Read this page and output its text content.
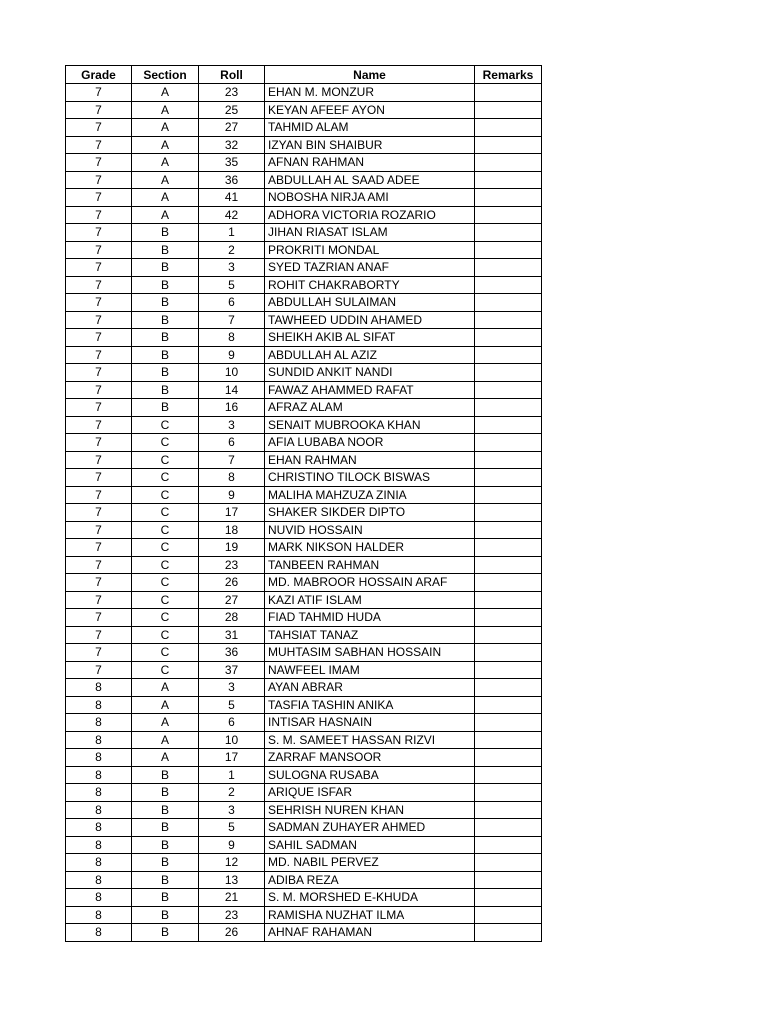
Grade	Section	Roll	Name	Remarks
7	A	23	EHAN M. MONZUR	
7	A	25	KEYAN AFEEF AYON	
7	A	27	TAHMID ALAM	
7	A	32	IZYAN BIN SHAIBUR	
7	A	35	AFNAN RAHMAN	
7	A	36	ABDULLAH AL SAAD ADEE	
7	A	41	NOBOSHA NIRJA AMI	
7	A	42	ADHORA VICTORIA ROZARIO	
7	B	1	JIHAN RIASAT ISLAM	
7	B	2	PROKRITI MONDAL	
7	B	3	SYED TAZRIAN ANAF	
7	B	5	ROHIT CHAKRABORTY	
7	B	6	ABDULLAH SULAIMAN	
7	B	7	TAWHEED UDDIN AHAMED	
7	B	8	SHEIKH AKIB AL SIFAT	
7	B	9	ABDULLAH AL AZIZ	
7	B	10	SUNDID ANKIT NANDI	
7	B	14	FAWAZ AHAMMED RAFAT	
7	B	16	AFRAZ ALAM	
7	C	3	SENAIT MUBROOKA KHAN	
7	C	6	AFIA LUBABA NOOR	
7	C	7	EHAN RAHMAN	
7	C	8	CHRISTINO TILOCK BISWAS	
7	C	9	MALIHA MAHZUZA ZINIA	
7	C	17	SHAKER SIKDER DIPTO	
7	C	18	NUVID HOSSAIN	
7	C	19	MARK NIKSON HALDER	
7	C	23	TANBEEN RAHMAN	
7	C	26	MD. MABROOR HOSSAIN ARAF	
7	C	27	KAZI ATIF ISLAM	
7	C	28	FIAD TAHMID HUDA	
7	C	31	TAHSIAT TANAZ	
7	C	36	MUHTASIM SABHAN HOSSAIN	
7	C	37	NAWFEEL IMAM	
8	A	3	AYAN ABRAR	
8	A	5	TASFIA TASHIN ANIKA	
8	A	6	INTISAR HASNAIN	
8	A	10	S. M. SAMEET HASSAN RIZVI	
8	A	17	ZARRAF MANSOOR	
8	B	1	SULOGNA RUSABA	
8	B	2	ARIQUE ISFAR	
8	B	3	SEHRISH NUREN KHAN	
8	B	5	SADMAN ZUHAYER AHMED	
8	B	9	SAHIL SADMAN	
8	B	12	MD. NABIL PERVEZ	
8	B	13	ADIBA REZA	
8	B	21	S. M. MORSHED E-KHUDA	
8	B	23	RAMISHA NUZHAT ILMA	
8	B	26	AHNAF RAHAMAN	
